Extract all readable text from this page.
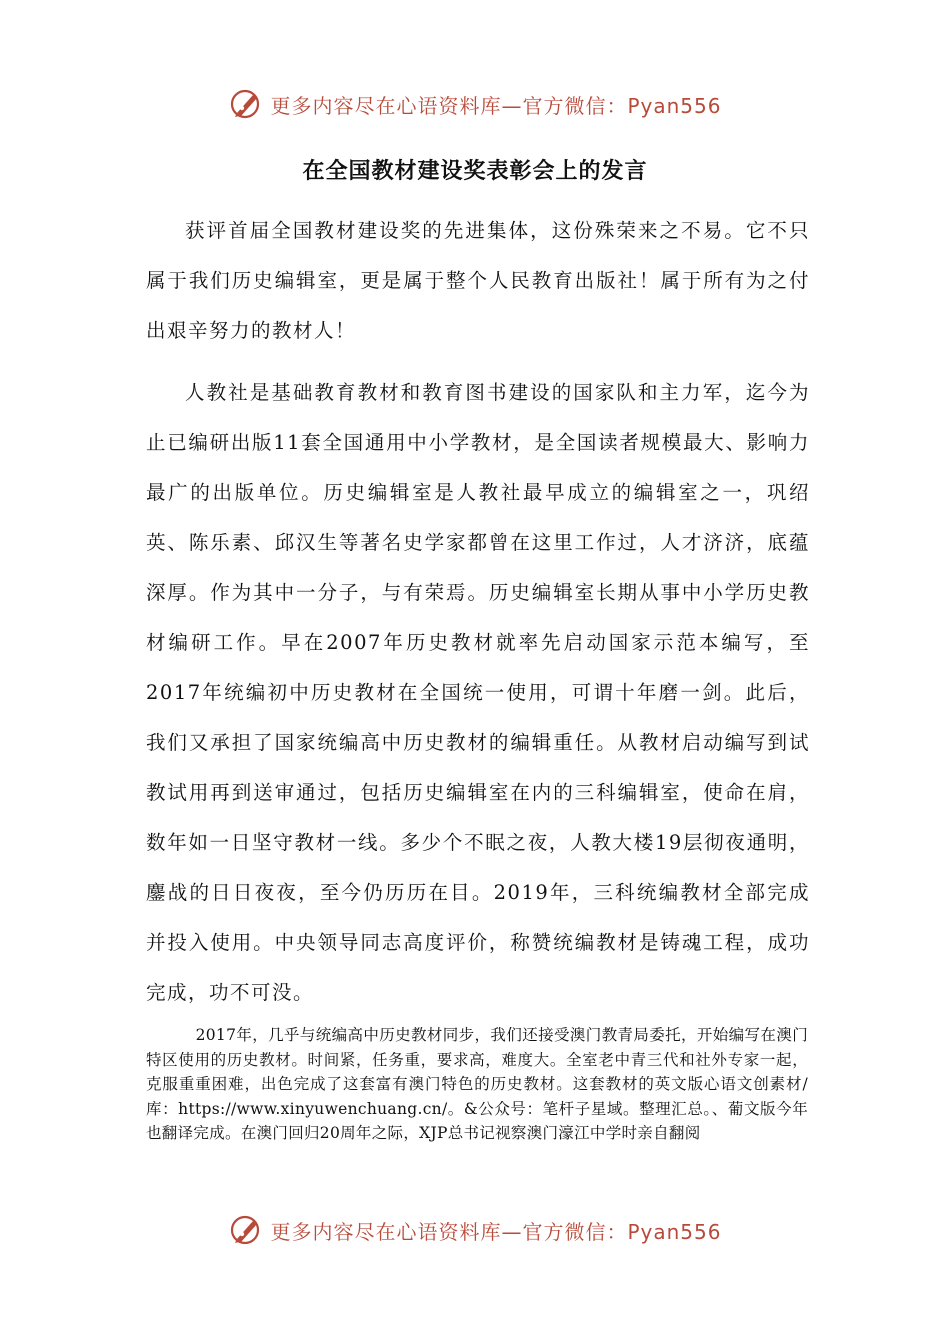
更多内容尽在心语资料库—官方微信：Pyan556
在全国教材建设奖表彰会上的发言

获评首届全国教材建设奖的先进集体，这份殊荣来之不易。它不只属于我们历史编辑室，更是属于整个人民教育出版社！属于所有为之付出艰辛努力的教材人！

人教社是基础教育教材和教育图书建设的国家队和主力军，迄今为止已编研出版11套全国通用中小学教材，是全国读者规模最大、影响力最广的出版单位。历史编辑室是人教社最早成立的编辑室之一，巩绍英、陈乐素、邱汉生等著名史学家都曾在这里工作过，人才济济，底蕴深厚。作为其中一分子，与有荣焉。历史编辑室长期从事中小学历史教材编研工作。早在2007年历史教材就率先启动国家示范本编写，至2017年统编初中历史教材在全国统一使用，可谓十年磨一剑。此后，我们又承担了国家统编高中历史教材的编辑重任。从教材启动编写到试教试用再到送审通过，包括历史编辑室在内的三科编辑室，使命在肩，数年如一日坚守教材一线。多少个不眠之夜，人教大楼19层彻夜通明，鏖战的日日夜夜，至今仍历历在目。2019年，三科统编教材全部完成并投入使用。中央领导同志高度评价，称赞统编教材是铸魂工程，成功完成，功不可没。

2017年，几乎与统编高中历史教材同步，我们还接受澳门教青局委托，开始编写在澳门特区使用的历史教材。时间紧，任务重，要求高，难度大。全室老中青三代和社外专家一起，克服重重困难，出色完成了这套富有澳门特色的历史教材。这套教材的英文版心语文创素材/库：https://www.xinyuwenchuang.cn/。&公众号：笔杆子星域。整理汇总。、葡文版今年也翻译完成。在澳门回归20周年之际，XJP总书记视察澳门濠江中学时亲自翻阅

更多内容尽在心语资料库—官方微信：Pyan556
